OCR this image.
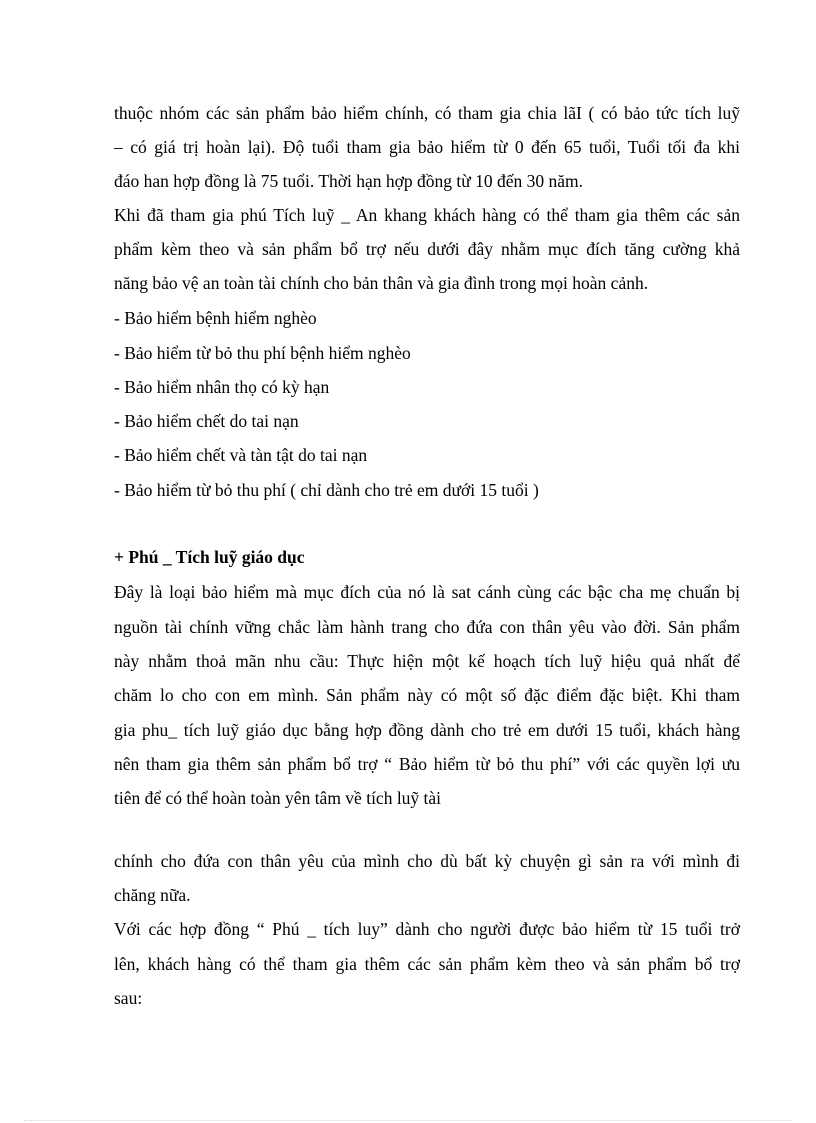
thuộc nhóm các sản phẩm bảo hiểm chính, có tham gia chia lãI ( có bảo tức tích luỹ
– có giá trị hoàn lại). Độ tuổi tham gia bảo hiểm từ 0 đến 65 tuổi, Tuổi tối đa khi
đáo han hợp đồng là 75 tuổi. Thời hạn hợp đồng từ 10 đến 30 năm.
Khi đã tham gia phú Tích luỹ _ An khang khách hàng có thể tham gia thêm các sản
phẩm kèm theo và sản phẩm bổ trợ nếu dưới đây nhằm mục đích tăng cường khả
năng bảo vệ an toàn tài chính cho bản thân và gia đình trong mọi hoàn cảnh.
- Bảo hiểm bệnh hiểm nghèo
- Bảo hiểm từ bỏ thu phí bệnh hiểm nghèo
- Bảo hiểm nhân thọ có kỳ hạn
- Bảo hiểm chết do tai nạn
- Bảo hiểm chết và tàn tật do tai nạn
- Bảo hiểm từ bỏ thu phí ( chỉ dành cho trẻ em dưới 15 tuổi )
+ Phú _ Tích luỹ giáo dục
Đây là loại bảo hiểm mà mục đích của nó là sat cánh cùng các bậc cha mẹ chuẩn bị
nguồn tài chính vững chắc làm hành trang cho đứa con thân yêu vào đời. Sản phẩm
này nhằm thoả mãn nhu cầu: Thực hiện một kế hoạch tích luỹ hiệu quả nhất để
chăm lo cho con em mình. Sản phẩm này có một số đặc điểm đặc biệt. Khi tham
gia phu_ tích luỹ giáo dục bằng hợp đồng dành cho trẻ em dưới 15 tuổi, khách hàng
nên tham gia thêm sản phẩm bổ trợ “ Bảo hiểm từ bỏ thu phí” với các quyền lợi ưu
tiên để có thể hoàn toàn yên tâm về tích luỹ tài
chính cho đứa con thân yêu của mình cho dù bất kỳ chuyện gì sản ra với mình đi
chăng nữa.
Với các hợp đồng “ Phú _ tích luy” dành cho người được bảo hiểm từ 15 tuổi trở
lên, khách hàng có thể tham gia thêm các sản phẩm kèm theo và sản phẩm bổ trợ
sau:
